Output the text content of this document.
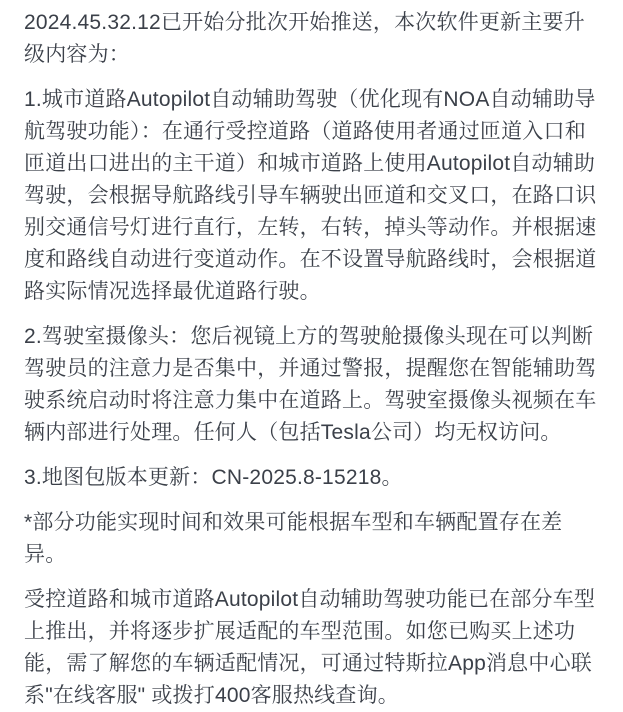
2024.45.32.12已开始分批次开始推送，本次软件更新主要升级内容为：

1.城市道路Autopilot自动辅助驾驶（优化现有NOA自动辅助导航驾驶功能）：在通行受控道路（道路使用者通过匝道入口和匝道出口进出的主干道）和城市道路上使用Autopilot自动辅助驾驶，会根据导航路线引导车辆驶出匝道和交叉口，在路口识别交通信号灯进行直行，左转，右转，掉头等动作。并根据速度和路线自动进行变道动作。在不设置导航路线时，会根据道路实际情况选择最优道路行驶。

2.驾驶室摄像头：您后视镜上方的驾驶舱摄像头现在可以判断驾驶员的注意力是否集中，并通过警报，提醒您在智能辅助驾驶系统启动时将注意力集中在道路上。驾驶室摄像头视频在车辆内部进行处理。任何人（包括Tesla公司）均无权访问。

3.地图包版本更新：CN-2025.8-15218。

*部分功能实现时间和效果可能根据车型和车辆配置存在差异。

受控道路和城市道路Autopilot自动辅助驾驶功能已在部分车型上推出，并将逐步扩展适配的车型范围。如您已购买上述功能，需了解您的车辆适配情况，可通过特斯拉App消息中心联系"在线客服" 或拨打400客服热线查询。
